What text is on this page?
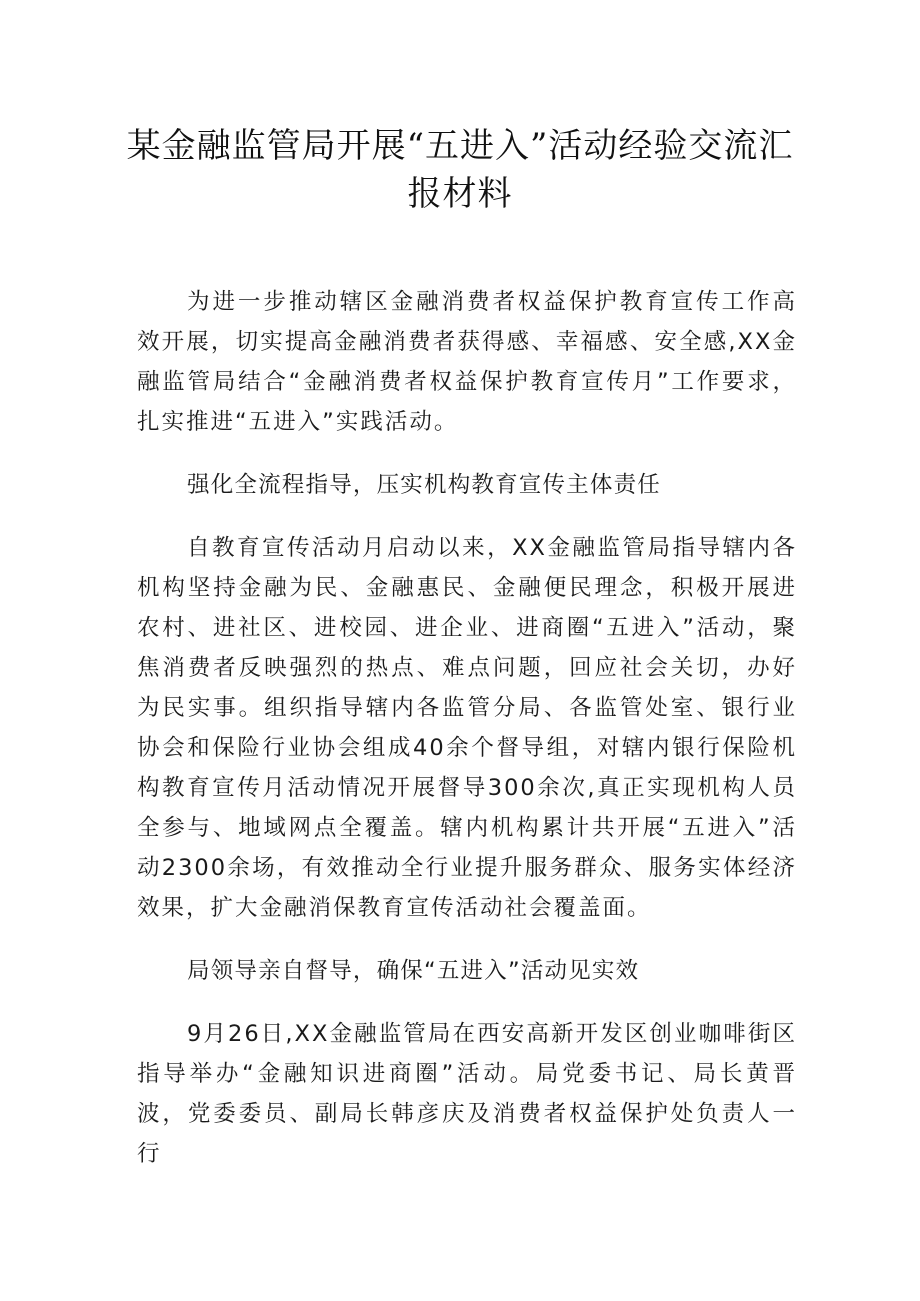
某金融监管局开展“五进入”活动经验交流汇报材料

为进一步推动辖区金融消费者权益保护教育宣传工作高效开展，切实提高金融消费者获得感、幸福感、安全感,XX金融监管局结合“金融消费者权益保护教育宣传月”工作要求，扎实推进“五进入”实践活动。

强化全流程指导，压实机构教育宣传主体责任

自教育宣传活动月启动以来，XX金融监管局指导辖内各机构坚持金融为民、金融惠民、金融便民理念，积极开展进农村、进社区、进校园、进企业、进商圈“五进入”活动，聚焦消费者反映强烈的热点、难点问题，回应社会关切，办好为民实事。组织指导辖内各监管分局、各监管处室、银行业协会和保险行业协会组成40余个督导组，对辖内银行保险机构教育宣传月活动情况开展督导300余次,真正实现机构人员全参与、地域网点全覆盖。辖内机构累计共开展“五进入”活动2300余场，有效推动全行业提升服务群众、服务实体经济效果，扩大金融消保教育宣传活动社会覆盖面。

局领导亲自督导，确保“五进入”活动见实效

9月26日,XX金融监管局在西安高新开发区创业咖啡街区指导举办“金融知识进商圈”活动。局党委书记、局长黄晋波，党委委员、副局长韩彦庆及消费者权益保护处负责人一行
